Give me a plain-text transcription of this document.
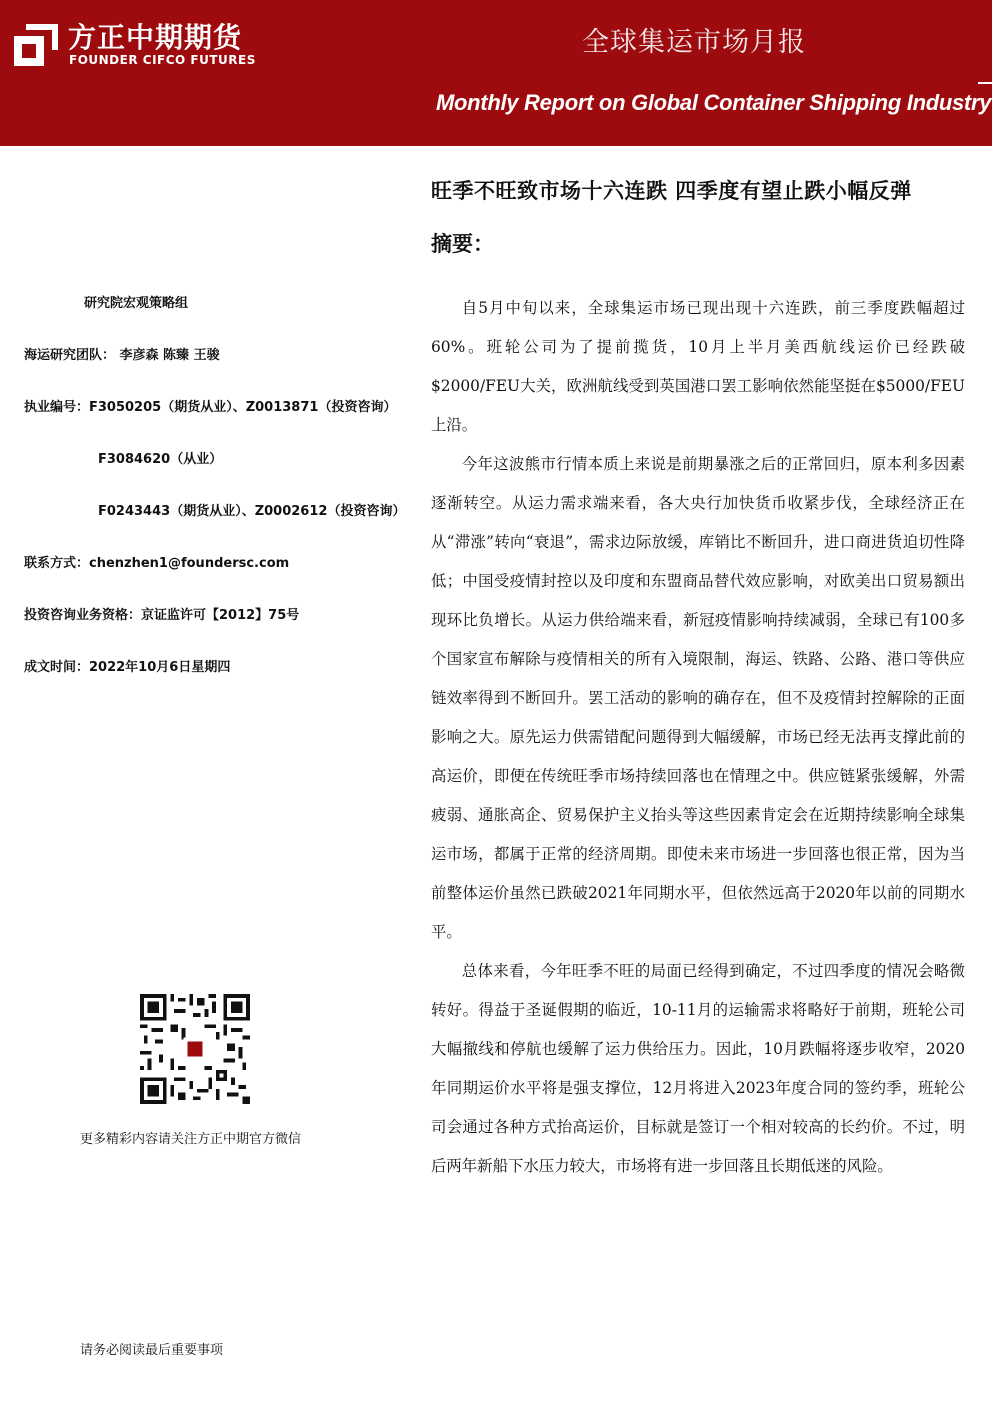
方正中期期货
FOUNDER CIFCO FUTURES
全球集运市场月报
Monthly Report on Global Container Shipping Industry
旺季不旺致市场十六连跌 四季度有望止跌小幅反弹
摘要：
研究院宏观策略组
海运研究团队： 李彦森 陈臻 王骏
执业编号：F3050205（期货从业）、Z0013871（投资咨询）
F3084620（从业）
F0243443（期货从业）、Z0002612（投资咨询）
联系方式：chenzhen1@foundersc.com
投资咨询业务资格：京证监许可【2012】75号
成文时间：2022年10月6日星期四

自5月中旬以来，全球集运市场已现出现十六连跌，前三季度跌幅超过60%。班轮公司为了提前揽货，10月上半月美西航线运价已经跌破$2000/FEU大关，欧洲航线受到英国港口罢工影响依然能坚挺在$5000/FEU上沿。

今年这波熊市行情本质上来说是前期暴涨之后的正常回归，原本利多因素逐渐转空。从运力需求端来看，各大央行加快货币收紧步伐，全球经济正在从“滞涨”转向“衰退”，需求边际放缓，库销比不断回升，进口商进货迫切性降低；中国受疫情封控以及印度和东盟商品替代效应影响，对欧美出口贸易额出现环比负增长。从运力供给端来看，新冠疫情影响持续减弱，全球已有100多个国家宣布解除与疫情相关的所有入境限制，海运、铁路、公路、港口等供应链效率得到不断回升。罢工活动的影响的确存在，但不及疫情封控解除的正面影响之大。原先运力供需错配问题得到大幅缓解，市场已经无法再支撑此前的高运价，即便在传统旺季市场持续回落也在情理之中。供应链紧张缓解，外需疲弱、通胀高企、贸易保护主义抬头等这些因素肯定会在近期持续影响全球集运市场，都属于正常的经济周期。即使未来市场进一步回落也很正常，因为当前整体运价虽然已跌破2021年同期水平，但依然远高于2020年以前的同期水平。

总体来看，今年旺季不旺的局面已经得到确定，不过四季度的情况会略微转好。得益于圣诞假期的临近，10-11月的运输需求将略好于前期，班轮公司大幅撤线和停航也缓解了运力供给压力。因此，10月跌幅将逐步收窄，2020年同期运价水平将是强支撑位，12月将进入2023年度合同的签约季，班轮公司会通过各种方式抬高运价，目标就是签订一个相对较高的长约价。不过，明后两年新船下水压力较大，市场将有进一步回落且长期低迷的风险。

更多精彩内容请关注方正中期官方微信
请务必阅读最后重要事项
